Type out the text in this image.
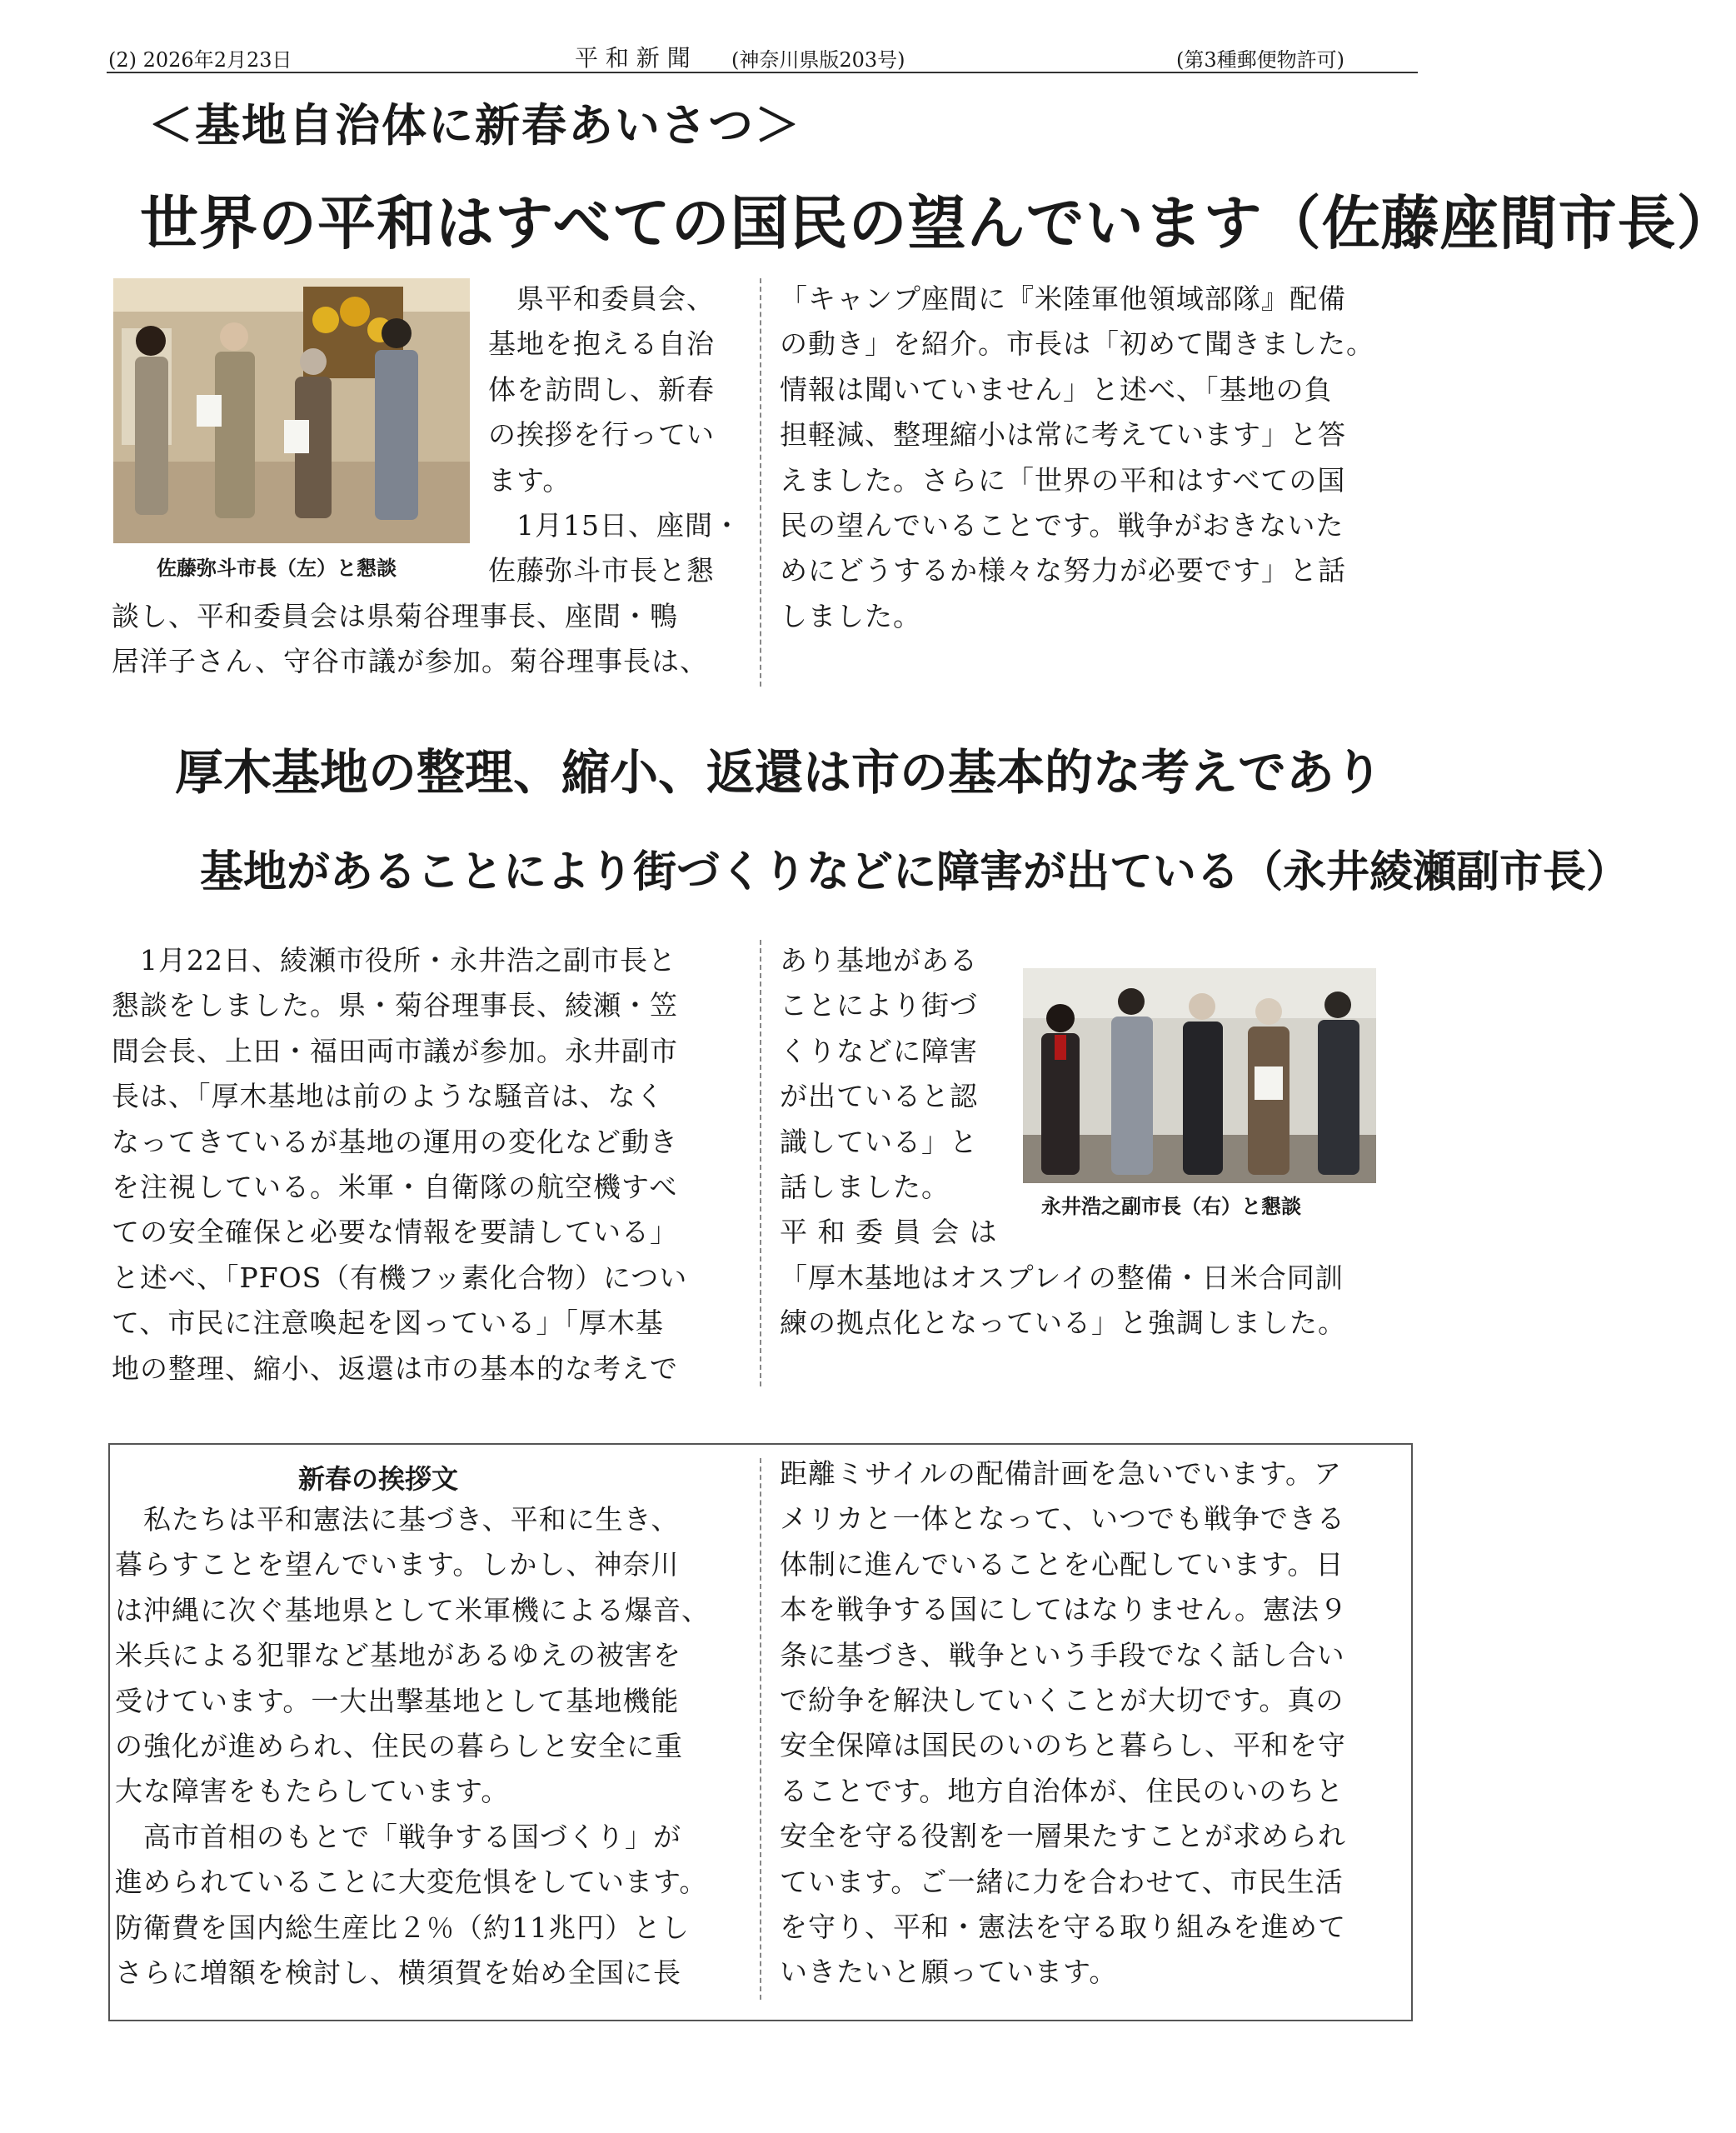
(2) 2026年2月23日	平 和 新 聞 (神奈川県版203号)	(第3種郵便物許可)
＜基地自治体に新春あいさつ＞
世界の平和はすべての国民の望んでいます（佐藤座間市長）
佐藤弥斗市長（左）と懇談
　県平和委員会、
基地を抱える自治
体を訪問し、新春
の挨拶を行ってい
ます。
　1月15日、座間・
佐藤弥斗市長と懇
談し、平和委員会は県菊谷理事長、座間・鴨
居洋子さん、守谷市議が参加。菊谷理事長は、
「キャンプ座間に『米陸軍他領域部隊』配備
の動き」を紹介。市長は「初めて聞きました。
情報は聞いていません」と述べ、「基地の負
担軽減、整理縮小は常に考えています」と答
えました。さらに「世界の平和はすべての国
民の望んでいることです。戦争がおきないた
めにどうするか様々な努力が必要です」と話
しました。
厚木基地の整理、縮小、返還は市の基本的な考えであり
基地があることにより街づくりなどに障害が出ている（永井綾瀬副市長）
　1月22日、綾瀬市役所・永井浩之副市長と
懇談をしました。県・菊谷理事長、綾瀬・笠
間会長、上田・福田両市議が参加。永井副市
長は、「厚木基地は前のような騒音は、なく
なってきているが基地の運用の変化など動き
を注視している。米軍・自衛隊の航空機すべ
ての安全確保と必要な情報を要請している」
と述べ、「PFOS（有機フッ素化合物）につい
て、市民に注意喚起を図っている」「厚木基
地の整理、縮小、返還は市の基本的な考えで
あり基地がある
ことにより街づ
くりなどに障害
が出ていると認
識している」と
話しました。
平 和 委 員 会 は
「厚木基地はオスプレイの整備・日米合同訓
練の拠点化となっている」と強調しました。
永井浩之副市長（右）と懇談
新春の挨拶文
　私たちは平和憲法に基づき、平和に生き、
暮らすことを望んでいます。しかし、神奈川
は沖縄に次ぐ基地県として米軍機による爆音、
米兵による犯罪など基地があるゆえの被害を
受けています。一大出撃基地として基地機能
の強化が進められ、住民の暮らしと安全に重
大な障害をもたらしています。
　高市首相のもとで「戦争する国づくり」が
進められていることに大変危惧をしています。
防衛費を国内総生産比２％（約11兆円）とし
さらに増額を検討し、横須賀を始め全国に長
距離ミサイルの配備計画を急いでいます。ア
メリカと一体となって、いつでも戦争できる
体制に進んでいることを心配しています。日
本を戦争する国にしてはなりません。憲法９
条に基づき、戦争という手段でなく話し合い
で紛争を解決していくことが大切です。真の
安全保障は国民のいのちと暮らし、平和を守
ることです。地方自治体が、住民のいのちと
安全を守る役割を一層果たすことが求められ
ています。ご一緒に力を合わせて、市民生活
を守り、平和・憲法を守る取り組みを進めて
いきたいと願っています。
